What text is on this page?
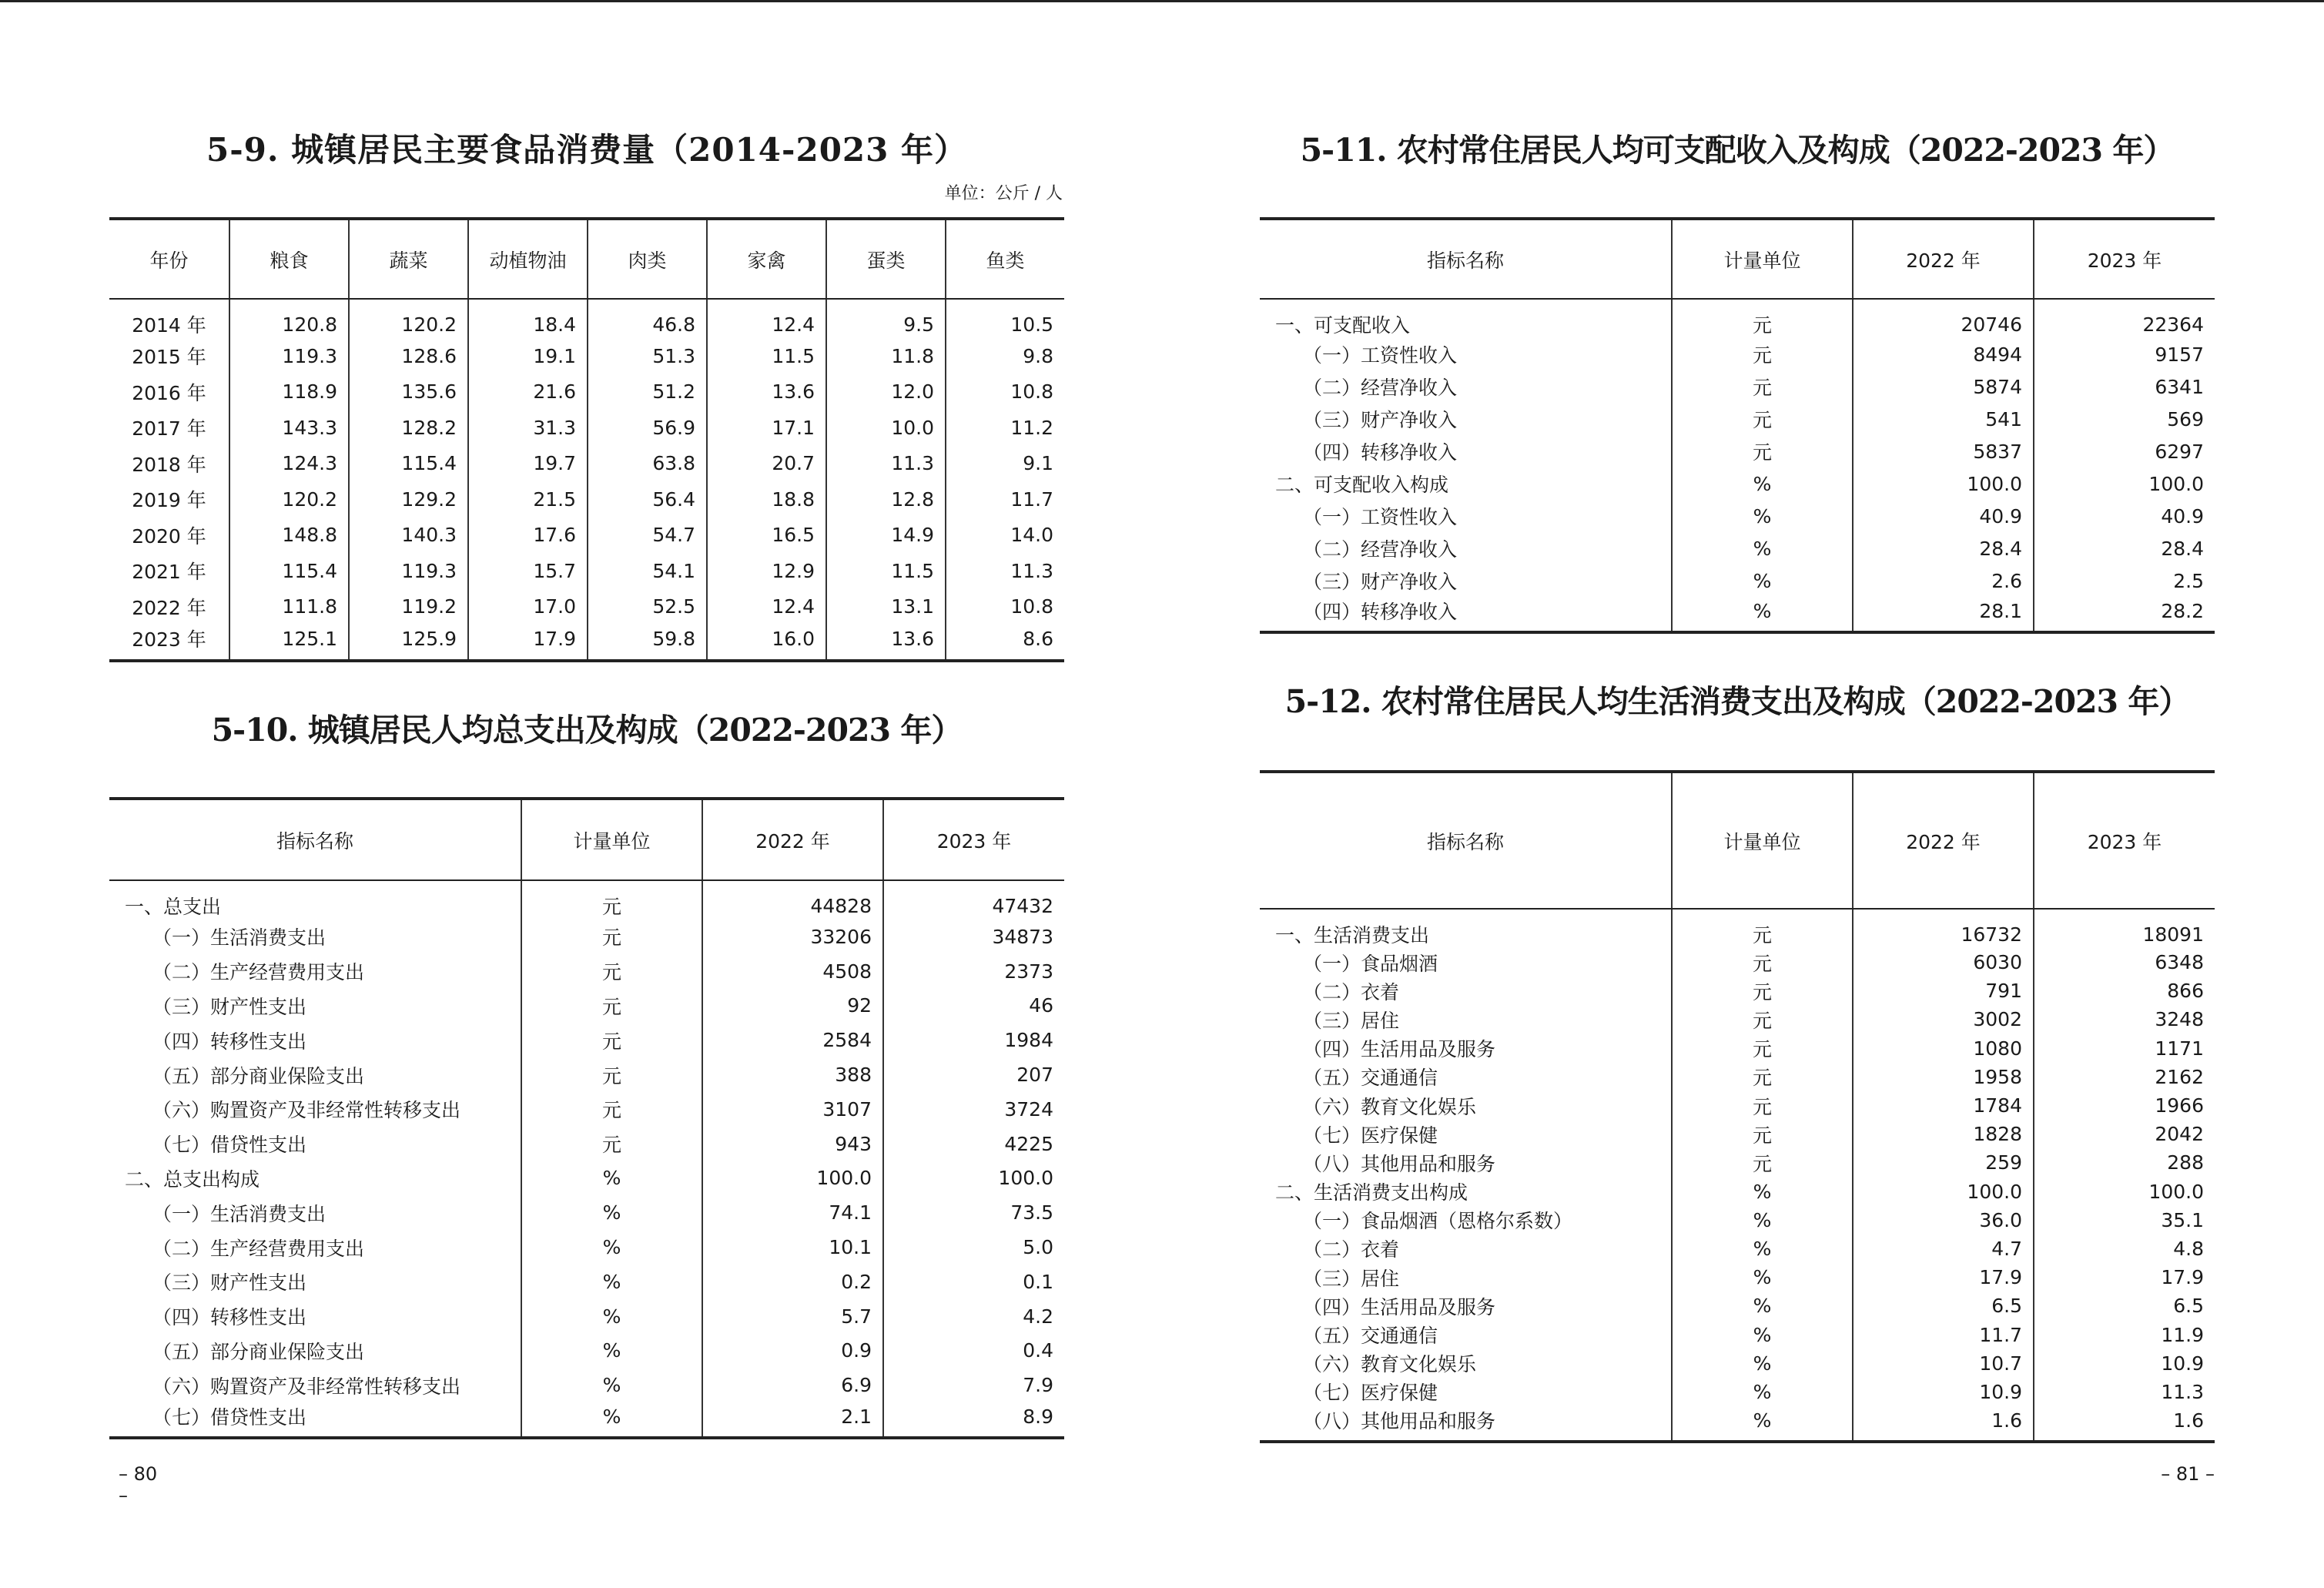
5-9. 城镇居民主要食品消费量（2014-2023 年）
单位：公斤 / 人
年份	粮食	蔬菜	动植物油	肉类	家禽	蛋类	鱼类
2014 年	120.8	120.2	18.4	46.8	12.4	9.5	10.5
2015 年	119.3	128.6	19.1	51.3	11.5	11.8	9.8
2016 年	118.9	135.6	21.6	51.2	13.6	12.0	10.8
2017 年	143.3	128.2	31.3	56.9	17.1	10.0	11.2
2018 年	124.3	115.4	19.7	63.8	20.7	11.3	9.1
2019 年	120.2	129.2	21.5	56.4	18.8	12.8	11.7
2020 年	148.8	140.3	17.6	54.7	16.5	14.9	14.0
2021 年	115.4	119.3	15.7	54.1	12.9	11.5	11.3
2022 年	111.8	119.2	17.0	52.5	12.4	13.1	10.8
2023 年	125.1	125.9	17.9	59.8	16.0	13.6	8.6
5-10. 城镇居民人均总支出及构成（2022-2023 年）
指标名称	计量单位	2022 年	2023 年
一、总支出	元	44828	47432
（一）生活消费支出	元	33206	34873
（二）生产经营费用支出	元	4508	2373
（三）财产性支出	元	92	46
（四）转移性支出	元	2584	1984
（五）部分商业保险支出	元	388	207
（六）购置资产及非经常性转移支出	元	3107	3724
（七）借贷性支出	元	943	4225
二、总支出构成	%	100.0	100.0
（一）生活消费支出	%	74.1	73.5
（二）生产经营费用支出	%	10.1	5.0
（三）财产性支出	%	0.2	0.1
（四）转移性支出	%	5.7	4.2
（五）部分商业保险支出	%	0.9	0.4
（六）购置资产及非经常性转移支出	%	6.9	7.9
（七）借贷性支出	%	2.1	8.9
– 80 –
5-11. 农村常住居民人均可支配收入及构成（2022-2023 年）
指标名称	计量单位	2022 年	2023 年
一、可支配收入	元	20746	22364
（一）工资性收入	元	8494	9157
（二）经营净收入	元	5874	6341
（三）财产净收入	元	541	569
（四）转移净收入	元	5837	6297
二、可支配收入构成	%	100.0	100.0
（一）工资性收入	%	40.9	40.9
（二）经营净收入	%	28.4	28.4
（三）财产净收入	%	2.6	2.5
（四）转移净收入	%	28.1	28.2
5-12. 农村常住居民人均生活消费支出及构成（2022-2023 年）
指标名称	计量单位	2022 年	2023 年
一、生活消费支出	元	16732	18091
（一）食品烟酒	元	6030	6348
（二）衣着	元	791	866
（三）居住	元	3002	3248
（四）生活用品及服务	元	1080	1171
（五）交通通信	元	1958	2162
（六）教育文化娱乐	元	1784	1966
（七）医疗保健	元	1828	2042
（八）其他用品和服务	元	259	288
二、生活消费支出构成	%	100.0	100.0
（一）食品烟酒（恩格尔系数）	%	36.0	35.1
（二）衣着	%	4.7	4.8
（三）居住	%	17.9	17.9
（四）生活用品及服务	%	6.5	6.5
（五）交通通信	%	11.7	11.9
（六）教育文化娱乐	%	10.7	10.9
（七）医疗保健	%	10.9	11.3
（八）其他用品和服务	%	1.6	1.6
– 81 –
